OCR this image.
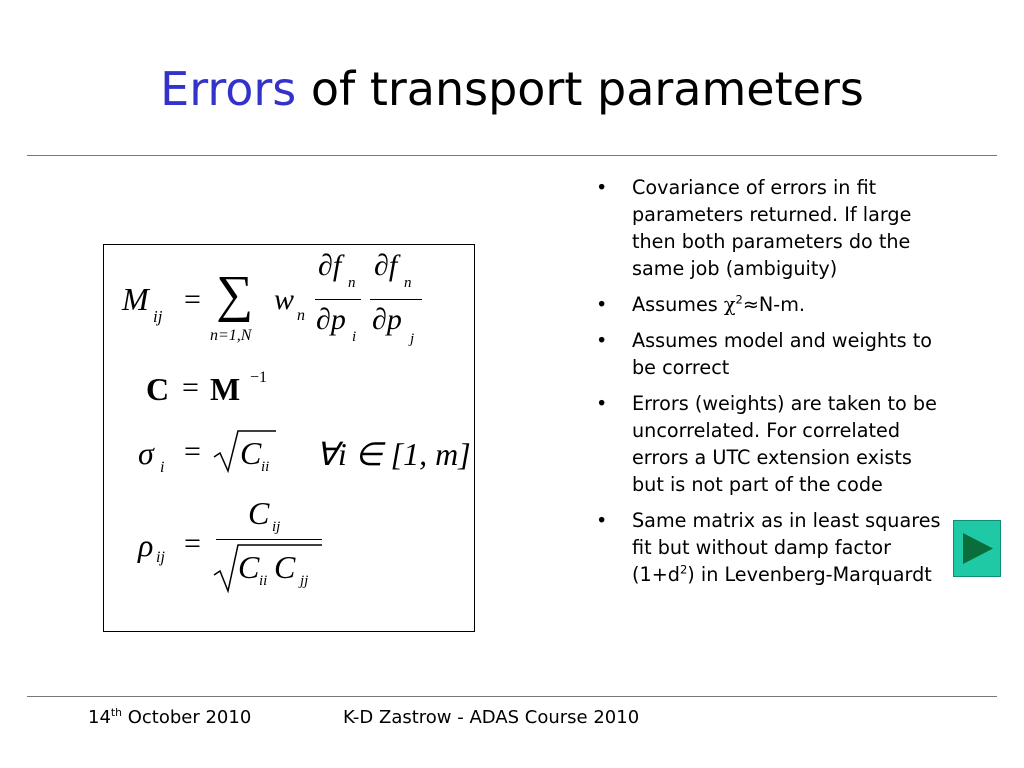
Errors of transport parameters
M ij
= ∑
n=1,N
w n
∂f
n
∂p
i
∂f
n
∂p
j
C = M −1
σ i = C ii ∀i ∈ [1, m]
ρ ij =
C ij
C ii C jj
• Covariance of errors in fit parameters returned. If large then both parameters do the same job (ambiguity)
• Assumes $\chi^2\approx N-m$.
• Assumes model and weights to be correct
• Errors (weights) are taken to be uncorrelated. For correlated errors a UTC extension exists but is not part of the code
• Same matrix as in least squares fit but without damp factor $(1+d^2)$ in Levenberg-Marquardt
14th October 2010	K-D Zastrow - ADAS Course 2010
